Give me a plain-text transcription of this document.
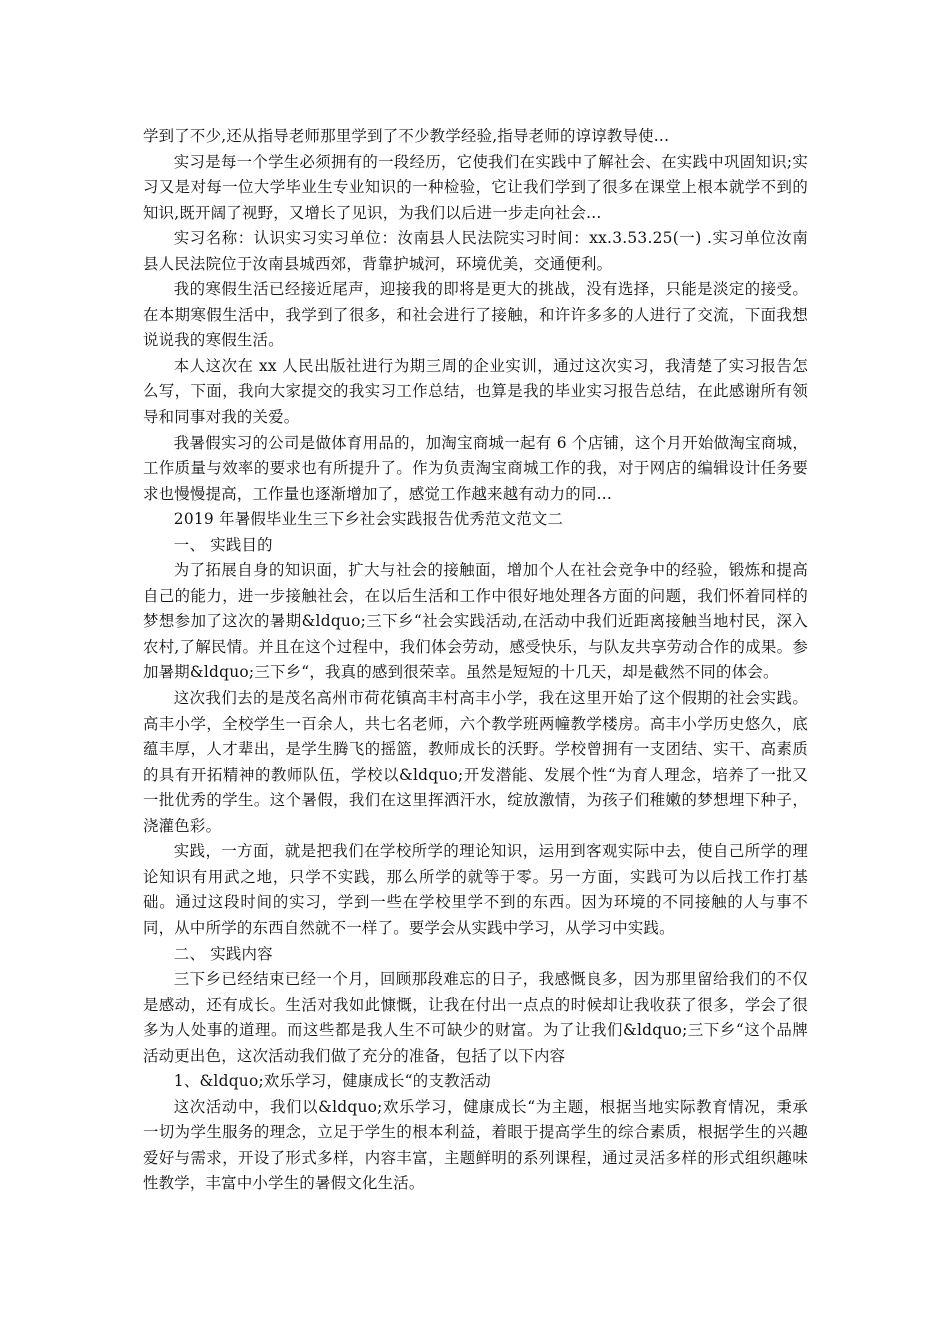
学到了不少,还从指导老师那里学到了不少教学经验,指导老师的谆谆教导使...

实习是每一个学生必须拥有的一段经历，它使我们在实践中了解社会、在实践中巩固知识;实习又是对每一位大学毕业生专业知识的一种检验，它让我们学到了很多在课堂上根本就学不到的知识,既开阔了视野，又增长了见识，为我们以后进一步走向社会...

实习名称：认识实习实习单位：汝南县人民法院实习时间：xx.3.53.25(一) .实习单位汝南县人民法院位于汝南县城西郊，背靠护城河，环境优美，交通便利。

我的寒假生活已经接近尾声，迎接我的即将是更大的挑战，没有选择，只能是淡定的接受。在本期寒假生活中，我学到了很多，和社会进行了接触，和许许多多的人进行了交流，下面我想说说我的寒假生活。

本人这次在 xx 人民出版社进行为期三周的企业实训，通过这次实习，我清楚了实习报告怎么写，下面，我向大家提交的我实习工作总结，也算是我的毕业实习报告总结，在此感谢所有领导和同事对我的关爱。

我暑假实习的公司是做体育用品的，加淘宝商城一起有 6 个店铺，这个月开始做淘宝商城，工作质量与效率的要求也有所提升了。作为负责淘宝商城工作的我，对于网店的编辑设计任务要求也慢慢提高，工作量也逐渐增加了，感觉工作越来越有动力的同...

2019 年暑假毕业生三下乡社会实践报告优秀范文范文二

一、 实践目的

为了拓展自身的知识面，扩大与社会的接触面，增加个人在社会竞争中的经验，锻炼和提高自己的能力，进一步接触社会，在以后生活和工作中很好地处理各方面的问题，我们怀着同样的梦想参加了这次的暑期&ldquo;三下乡“社会实践活动,在活动中我们近距离接触当地村民，深入农村,了解民情。并且在这个过程中，我们体会劳动，感受快乐，与队友共享劳动合作的成果。参加暑期&ldquo;三下乡“，我真的感到很荣幸。虽然是短短的十几天，却是截然不同的体会。

这次我们去的是茂名高州市荷花镇高丰村高丰小学，我在这里开始了这个假期的社会实践。高丰小学，全校学生一百余人，共七名老师，六个教学班两幢教学楼房。高丰小学历史悠久，底蕴丰厚，人才辈出，是学生腾飞的摇篮，教师成长的沃野。学校曾拥有一支团结、实干、高素质的具有开拓精神的教师队伍，学校以&ldquo;开发潜能、发展个性“为育人理念，培养了一批又一批优秀的学生。这个暑假，我们在这里挥洒汗水，绽放激情，为孩子们稚嫩的梦想埋下种子，浇灌色彩。

实践，一方面，就是把我们在学校所学的理论知识，运用到客观实际中去，使自己所学的理论知识有用武之地，只学不实践，那么所学的就等于零。另一方面，实践可为以后找工作打基础。通过这段时间的实习，学到一些在学校里学不到的东西。因为环境的不同接触的人与事不同，从中所学的东西自然就不一样了。要学会从实践中学习，从学习中实践。

二、 实践内容

三下乡已经结束已经一个月，回顾那段难忘的日子，我感慨良多，因为那里留给我们的不仅是感动，还有成长。生活对我如此慷慨，让我在付出一点点的时候却让我收获了很多，学会了很多为人处事的道理。而这些都是我人生不可缺少的财富。为了让我们&ldquo;三下乡“这个品牌活动更出色，这次活动我们做了充分的准备，包括了以下内容

1、&ldquo;欢乐学习，健康成长“的支教活动

这次活动中，我们以&ldquo;欢乐学习，健康成长“为主题，根据当地实际教育情况，秉承一切为学生服务的理念，立足于学生的根本利益，着眼于提高学生的综合素质，根据学生的兴趣爱好与需求，开设了形式多样，内容丰富，主题鲜明的系列课程，通过灵活多样的形式组织趣味性教学，丰富中小学生的暑假文化生活。
